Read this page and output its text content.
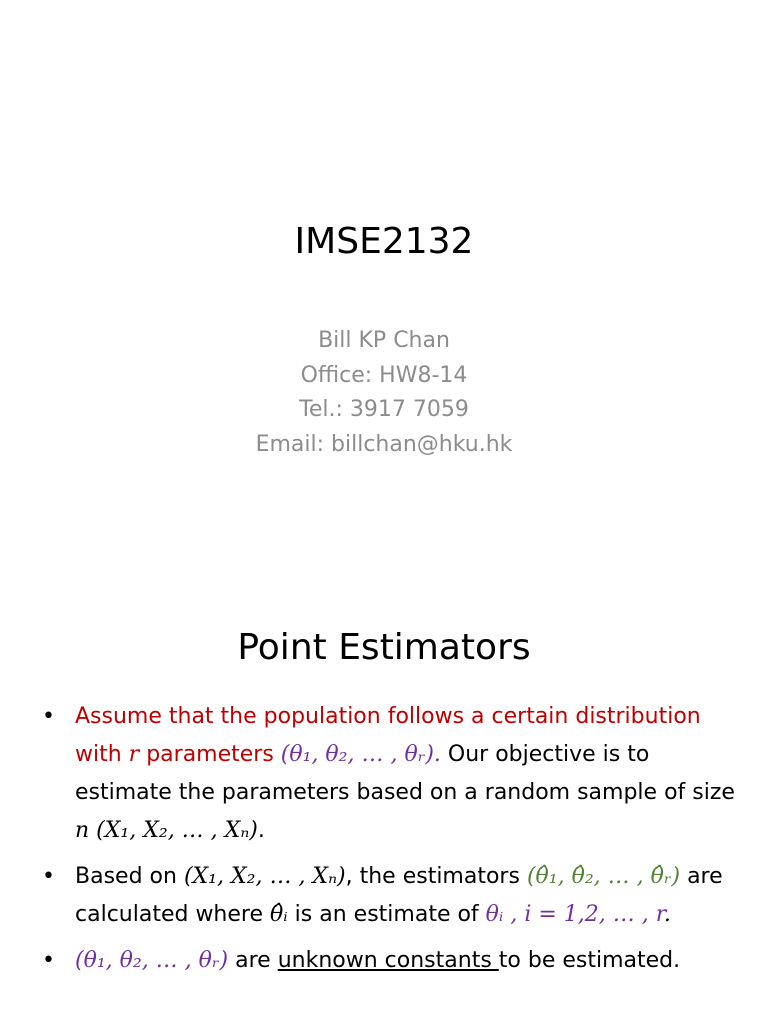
IMSE2132
Bill KP Chan
Office: HW8-14
Tel.: 3917 7059
Email: billchan@hku.hk
Point Estimators
• Assume that the population follows a certain distribution with r parameters (θ₁, θ₂, … , θᵣ). Our objective is to estimate the parameters based on a random sample of size n (X₁, X₂, … , Xₙ).
• Based on (X₁, X₂, … , Xₙ), the estimators (θ̂₁, θ̂₂, … , θ̂ᵣ) are calculated where θ̂ᵢ is an estimate of θᵢ , i = 1,2, … , r.
• (θ₁, θ₂, … , θᵣ) are unknown constants to be estimated.
